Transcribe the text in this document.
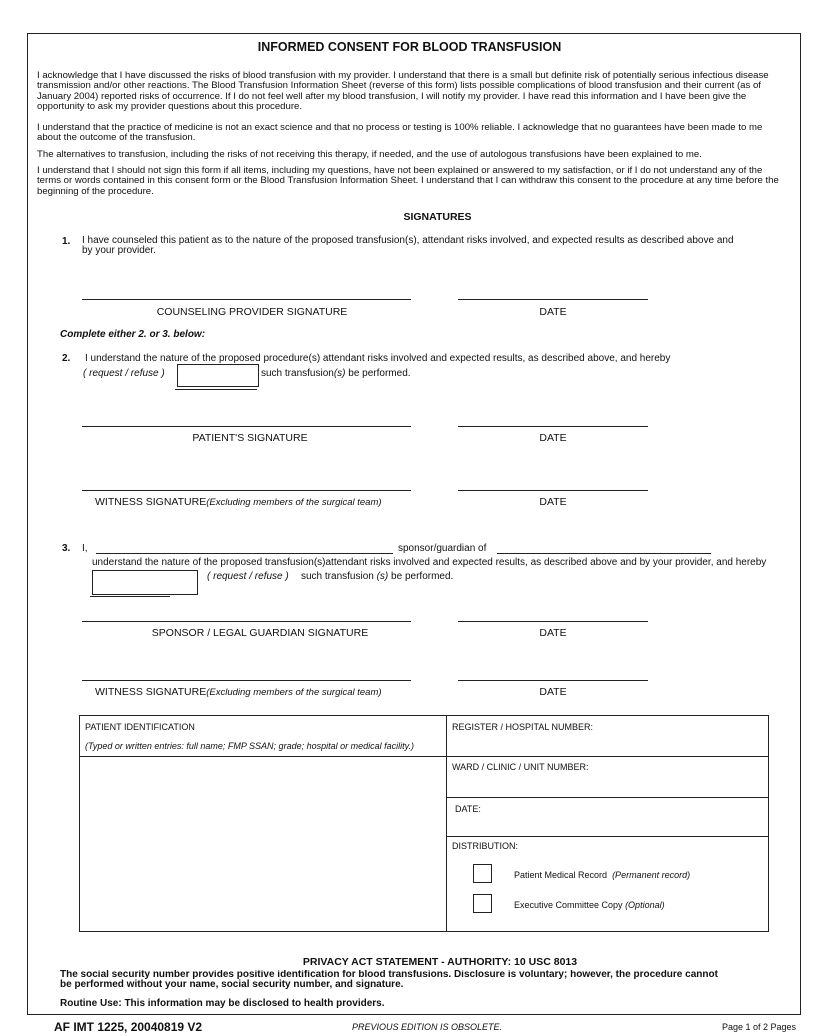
INFORMED CONSENT FOR BLOOD TRANSFUSION
I acknowledge that I have discussed the risks of blood transfusion with my provider. I understand that there is a small but definite risk of potentially serious infectious disease transmission and/or other reactions. The Blood Transfusion Information Sheet (reverse of this form) lists possible complications of blood transfusion and their current (as of January 2004) reported risks of occurrence. If I do not feel well after my blood transfusion, I will notify my provider. I have read this information and I have been give the opportunity to ask my provider questions about this procedure.
I understand that the practice of medicine is not an exact science and that no process or testing is 100% reliable. I acknowledge that no guarantees have been made to me about the outcome of the transfusion.
The alternatives to transfusion, including the risks of not receiving this therapy, if needed, and the use of autologous transfusions have been explained to me.
I understand that I should not sign this form if all items, including my questions, have not been explained or answered to my satisfaction, or if I do not understand any of the terms or words contained in this consent form or the Blood Transfusion Information Sheet. I understand that I can withdraw this consent to the procedure at any time before the beginning of the procedure.
SIGNATURES
1. I have counseled this patient as to the nature of the proposed transfusion(s), attendant risks involved, and expected results as described above and by your provider.
COUNSELING PROVIDER SIGNATURE	DATE
Complete either 2. or 3. below:
2. I understand the nature of the proposed procedure(s) attendant risks involved and expected results, as described above, and hereby
( request / refuse )	such transfusion(s) be performed.
PATIENT'S SIGNATURE	DATE
WITNESS SIGNATURE(Excluding members of the surgical team)	DATE
3. I,	sponsor/guardian of
understand the nature of the proposed transfusion(s)attendant risks involved and expected results, as described above and by your provider, and hereby
( request / refuse ) such transfusion (s) be performed.
SPONSOR / LEGAL GUARDIAN SIGNATURE	DATE
WITNESS SIGNATURE(Excluding members of the surgical team)	DATE
PATIENT IDENTIFICATION
(Typed or written entries: full name; FMP SSAN; grade; hospital or medical facility.)
REGISTER / HOSPITAL NUMBER:
WARD / CLINIC / UNIT NUMBER:
DATE:
DISTRIBUTION:
Patient Medical Record (Permanent record)
Executive Committee Copy (Optional)
PRIVACY ACT STATEMENT - AUTHORITY: 10 USC 8013
The social security number provides positive identification for blood transfusions. Disclosure is voluntary; however, the procedure cannot be performed without your name, social security number, and signature.
Routine Use: This information may be disclosed to health providers.
AF IMT 1225, 20040819 V2	PREVIOUS EDITION IS OBSOLETE.	Page 1 of 2 Pages
